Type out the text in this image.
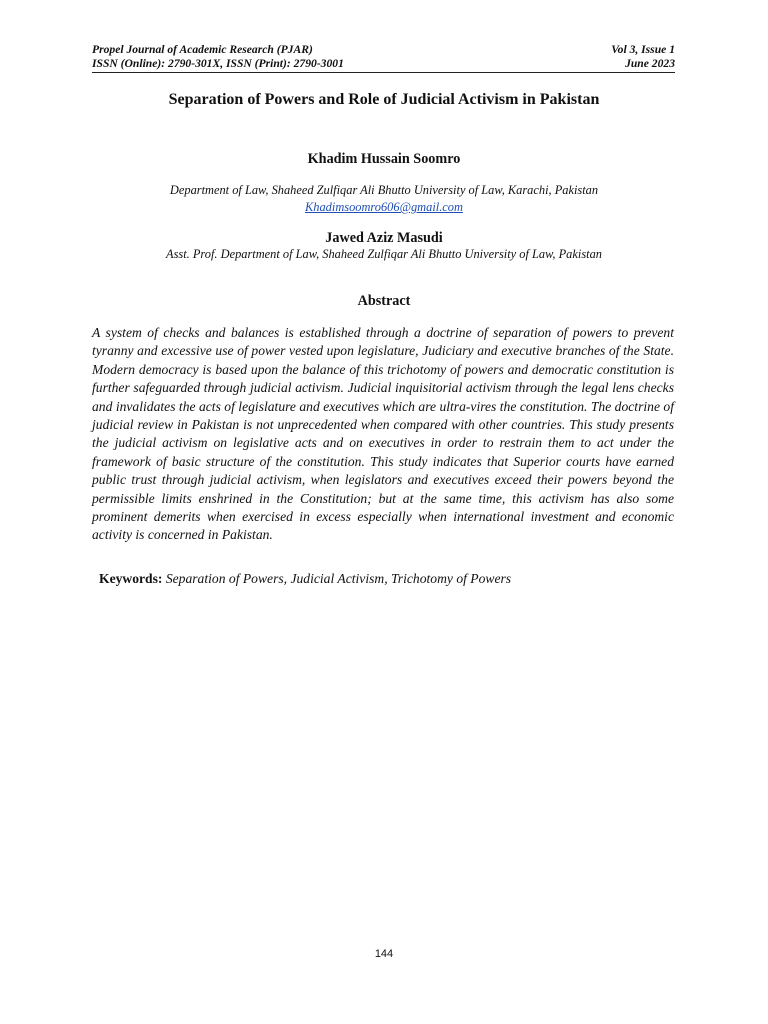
Propel Journal of Academic Research (PJAR)	Vol 3, Issue 1
ISSN (Online): 2790-301X, ISSN (Print): 2790-3001	June 2023
Separation of Powers and Role of Judicial Activism in Pakistan
Khadim Hussain Soomro
Department of Law, Shaheed Zulfiqar Ali Bhutto University of Law, Karachi, Pakistan
Khadimsoomro606@gmail.com
Jawed Aziz Masudi
Asst. Prof. Department of Law, Shaheed Zulfiqar Ali Bhutto University of Law, Pakistan
Abstract

A system of checks and balances is established through a doctrine of separation of powers to prevent tyranny and excessive use of power vested upon legislature, Judiciary and executive branches of the State. Modern democracy is based upon the balance of this trichotomy of powers and democratic constitution is further safeguarded through judicial activism. Judicial inquisitorial activism through the legal lens checks and invalidates the acts of legislature and executives which are ultra-vires the constitution. The doctrine of judicial review in Pakistan is not unprecedented when compared with other countries. This study presents the judicial activism on legislative acts and on executives in order to restrain them to act under the framework of basic structure of the constitution. This study indicates that Superior courts have earned public trust through judicial activism, when legislators and executives exceed their powers beyond the permissible limits enshrined in the Constitution; but at the same time, this activism has also some prominent demerits when exercised in excess especially when international investment and economic activity is concerned in Pakistan.

Keywords: Separation of Powers, Judicial Activism, Trichotomy of Powers
144
